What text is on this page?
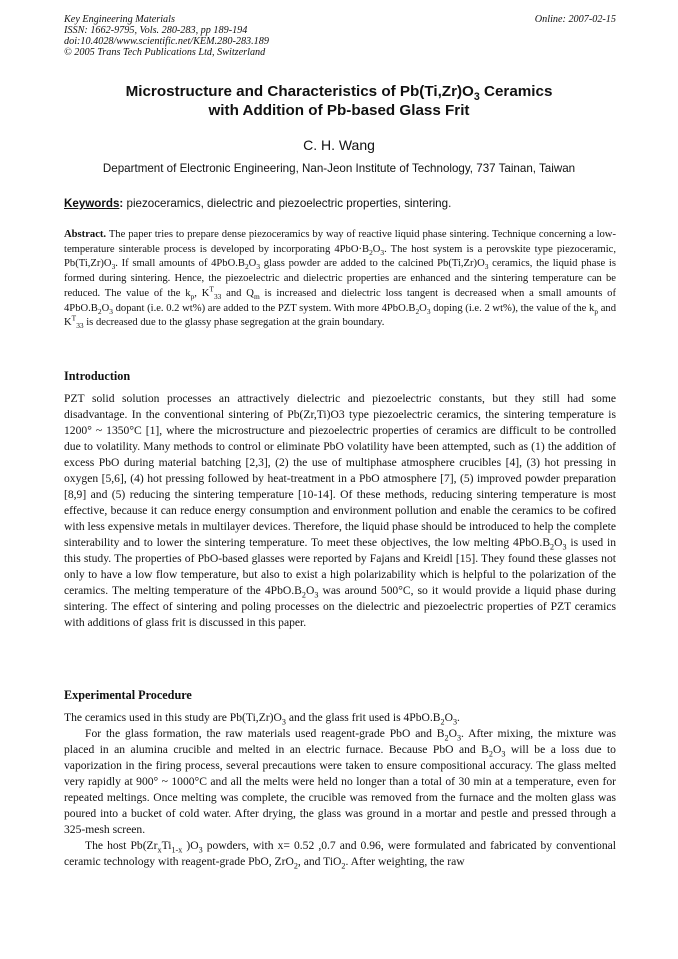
Key Engineering Materials
ISSN: 1662-9795, Vols. 280-283, pp 189-194
doi:10.4028/www.scientific.net/KEM.280-283.189
© 2005 Trans Tech Publications Ltd, Switzerland
Online: 2007-02-15
Microstructure and Characteristics of $Pb(Ti,Zr)O_3$ Ceramics
with Addition of Pb-based Glass Frit
C. H. Wang
Department of Electronic Engineering, Nan-Jeon Institute of Technology, 737 Tainan, Taiwan
Keywords: piezoceramics, dielectric and piezoelectric properties, sintering.
Abstract. The paper tries to prepare dense piezoceramics by way of reactive liquid phase sintering. Technique concerning a low-temperature sinterable process is developed by incorporating $4PbO\cdot B_2O_3$. The host system is a perovskite type piezoceramic, $Pb(Ti,Zr)O_3$. If small amounts of $4PbO.B_2O_3$ glass powder are added to the calcined $Pb(Ti,Zr)O_3$ ceramics, the liquid phase is formed during sintering. Hence, the piezoelectric and dielectric properties are enhanced and the sintering temperature can be reduced. The value of the $k_p$, $K^T_{33}$ and $Q_m$ is increased and dielectric loss tangent is decreased when a small amounts of $4PbO.B_2O_3$ dopant (i.e. 0.2 wt%) are added to the PZT system. With more $4PbO.B_2O_3$ doping (i.e. 2 wt%), the value of the $k_p$ and $K^T_{33}$ is decreased due to the glassy phase segregation at the grain boundary.
Introduction
PZT solid solution processes an attractively dielectric and piezoelectric constants, but they still had some disadvantage. In the conventional sintering of Pb(Zr,Ti)O3 type piezoelectric ceramics, the sintering temperature is 1200° ~ 1350°C [1], where the microstructure and piezoelectric properties of ceramics are difficult to be controlled due to volatility. Many methods to control or eliminate PbO volatility have been attempted, such as (1) the addition of excess PbO during material batching [2,3], (2) the use of multiphase atmosphere crucibles [4], (3) hot pressing in oxygen [5,6], (4) hot pressing followed by heat-treatment in a PbO atmosphere [7], (5) improved powder preparation [8,9] and (5) reducing the sintering temperature [10-14]. Of these methods, reducing sintering temperature is most effective, because it can reduce energy consumption and environment pollution and enable the ceramics to be cofired with less expensive metals in multilayer devices. Therefore, the liquid phase should be introduced to help the complete sinterability and to lower the sintering temperature. To meet these objectives, the low melting $4PbO.B_2O_3$ is used in this study. The properties of PbO-based glasses were reported by Fajans and Kreidl [15]. They found these glasses not only to have a low flow temperature, but also to exist a high polarizability which is helpful to the polarization of the ceramics. The melting temperature of the $4PbO.B_2O_3$ was around 500°C, so it would provide a liquid phase during sintering. The effect of sintering and poling processes on the dielectric and piezoelectric properties of PZT ceramics with additions of glass frit is discussed in this paper.
Experimental Procedure

The ceramics used in this study are $Pb(Ti,Zr)O_3$ and the glass frit used is $4PbO.B_2O_3$.

For the glass formation, the raw materials used reagent-grade PbO and $B_2O_3$. After mixing, the mixture was placed in an alumina crucible and melted in an electric furnace. Because PbO and $B_2O_3$ will be a loss due to vaporization in the firing process, several precautions were taken to ensure compositional accuracy. The glass melted very rapidly at 900° ~ 1000°C and all the melts were held no longer than a total of 30 min at a temperature, even for repeated meltings. Once melting was complete, the crucible was removed from the furnace and the molten glass was poured into a bucket of cold water. After drying, the glass was ground in a mortar and pestle and pressed through a 325-mesh screen.

The host $Pb(Zr_xTi_{1-x}$ )$O_3$ powders, with x= 0.52 ,0.7 and 0.96, were formulated and fabricated by conventional ceramic technology with reagent-grade PbO, ZrO$_2$, and TiO$_2$. After weighting, the raw
